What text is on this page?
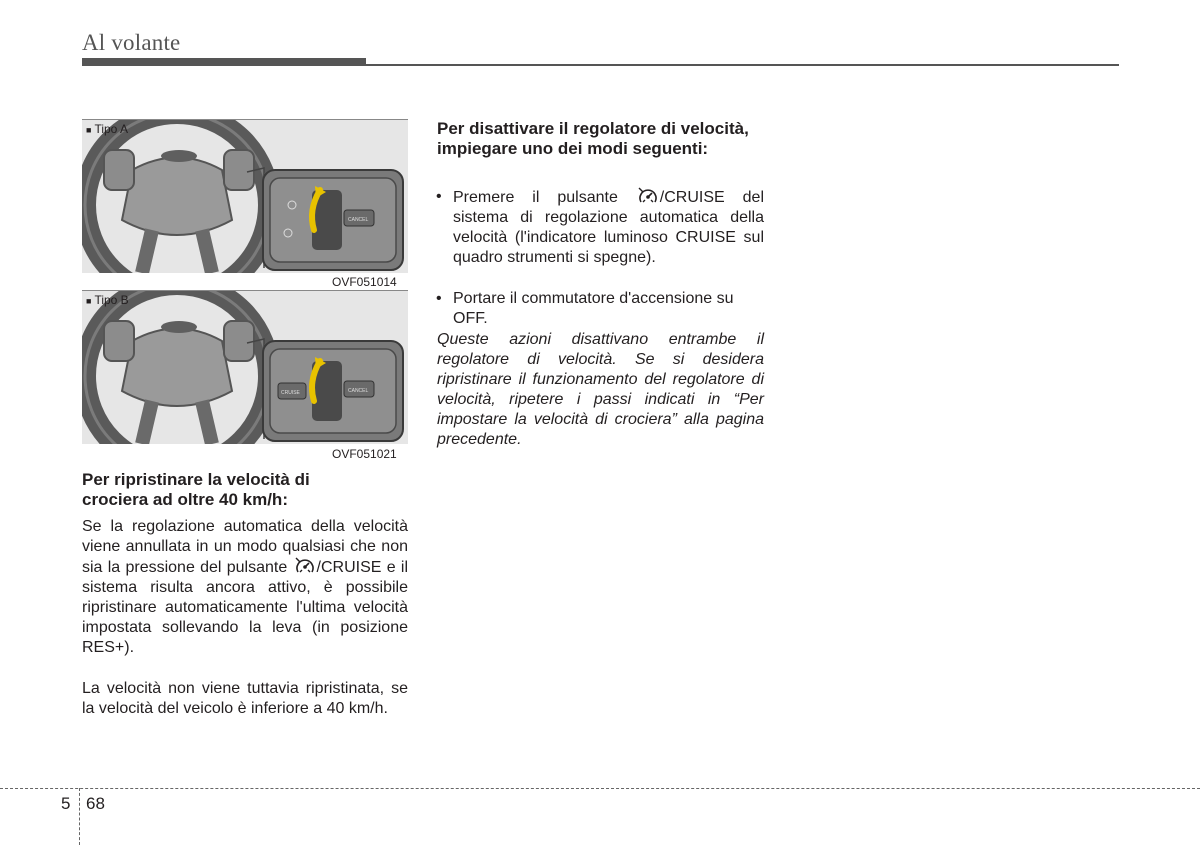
Al volante
CANCEL
■ Tipo A
OVF051014
CRUISE	CANCEL
■ Tipo B
OVF051021
Per ripristinare la velocità di crociera ad oltre 40 km/h:
Se la regolazione automatica della velocità viene annullata in un modo qualsiasi che non sia la pressione del pulsante /CRUISE e il sistema risulta ancora attivo, è possibile ripristinare automaticamente l'ultima velocità impostata sollevando la leva (in posizione RES+).
La velocità non viene tuttavia ripristinata, se la velocità del veicolo è inferiore a 40 km/h.
Per disattivare il regolatore di velocità, impiegare uno dei modi seguenti:
• Premere il pulsante	/CRUISE del sistema di regolazione automatica della velocità (l'indicatore luminoso CRUISE sul quadro strumenti si spegne).
• Portare il commutatore d'accensione su OFF.
Queste azioni disattivano entrambe il regolatore di velocità. Se si desidera ripristinare il funzionamento del regolatore di velocità, ripetere i passi indicati in “Per impostare la velocità di crociera” alla pagina precedente.
5 68
